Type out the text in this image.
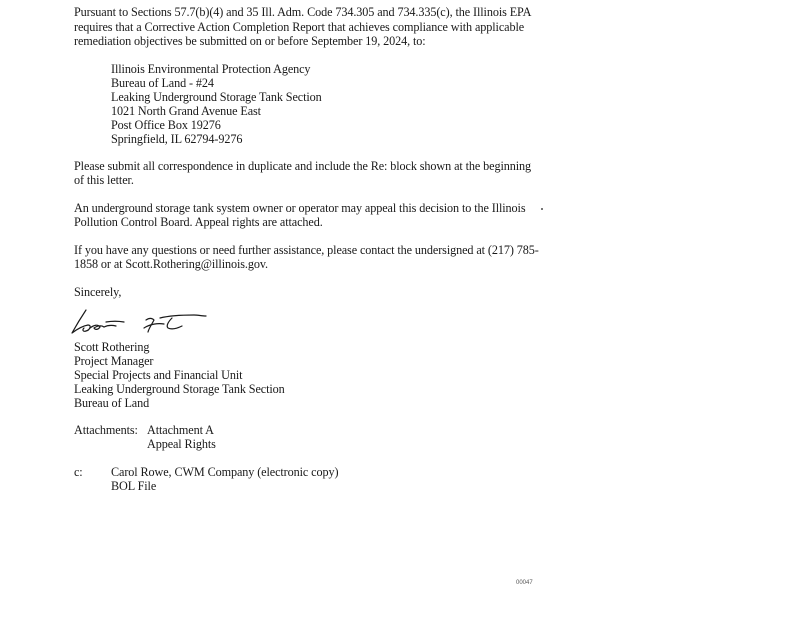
Pursuant to Sections 57.7(b)(4) and 35 Ill. Adm. Code 734.305 and 734.335(c), the Illinois EPA
requires that a Corrective Action Completion Report that achieves compliance with applicable
remediation objectives be submitted on or before September 19, 2024, to:
Illinois Environmental Protection Agency
Bureau of Land - #24
Leaking Underground Storage Tank Section
1021 North Grand Avenue East
Post Office Box 19276
Springfield, IL 62794-9276
Please submit all correspondence in duplicate and include the Re: block shown at the beginning
of this letter.
An underground storage tank system owner or operator may appeal this decision to the Illinois
Pollution Control Board. Appeal rights are attached.
If you have any questions or need further assistance, please contact the undersigned at (217) 785-
1858 or at Scott.Rothering@illinois.gov.
Sincerely,
Scott Rothering
Project Manager
Special Projects and Financial Unit
Leaking Underground Storage Tank Section
Bureau of Land
Attachments: Attachment A
Appeal Rights
c: Carol Rowe, CWM Company (electronic copy)
BOL File
00047
